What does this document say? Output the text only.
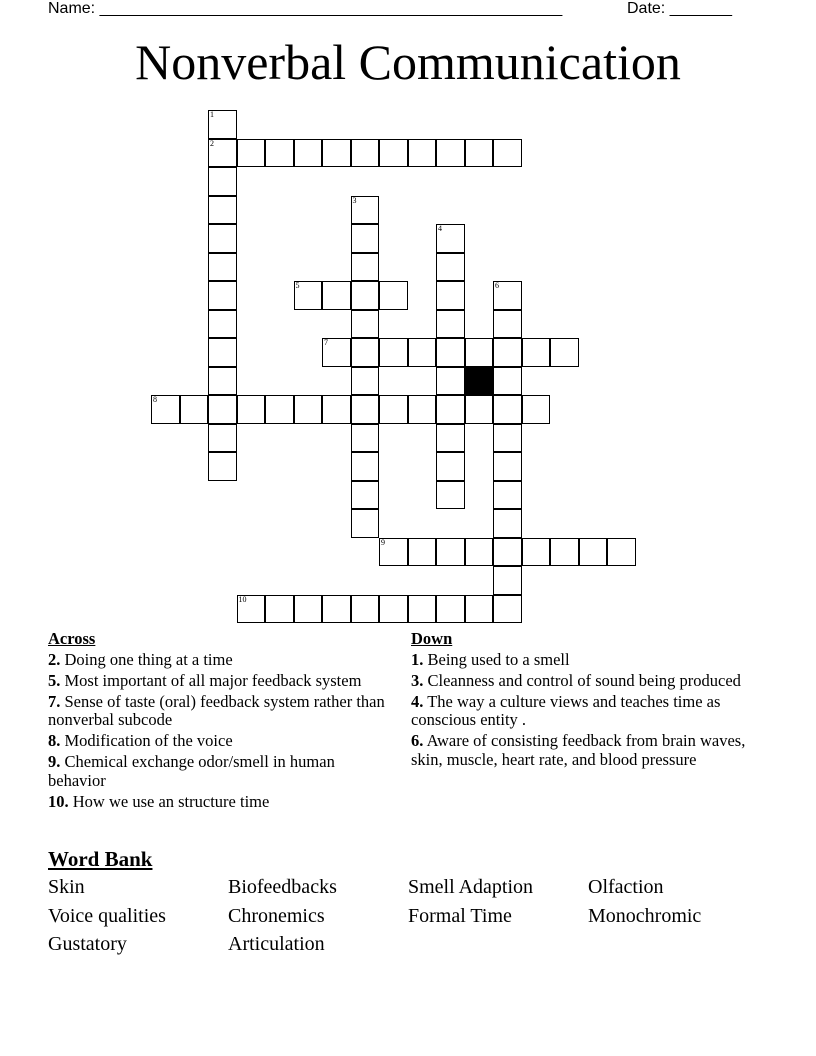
Name: ____________________________________________________	Date: _______
Nonverbal Communication
1
2
3
4
5	6
7
8
9
10
Across
2. Doing one thing at a time
5. Most important of all major feedback system
7. Sense of taste (oral) feedback system rather than nonverbal subcode
8. Modification of the voice
9. Chemical exchange odor/smell in human behavior
10. How we use an structure time
Down
1. Being used to a smell
3. Cleanness and control of sound being produced
4. The way a culture views and teaches time as conscious entity .
6. Aware of consisting feedback from brain waves, skin, muscle, heart rate, and blood pressure
Word Bank
Skin	Biofeedbacks	Smell Adaption	Olfaction
Voice qualities	Chronemics	Formal Time	Monochromic
Gustatory	Articulation
